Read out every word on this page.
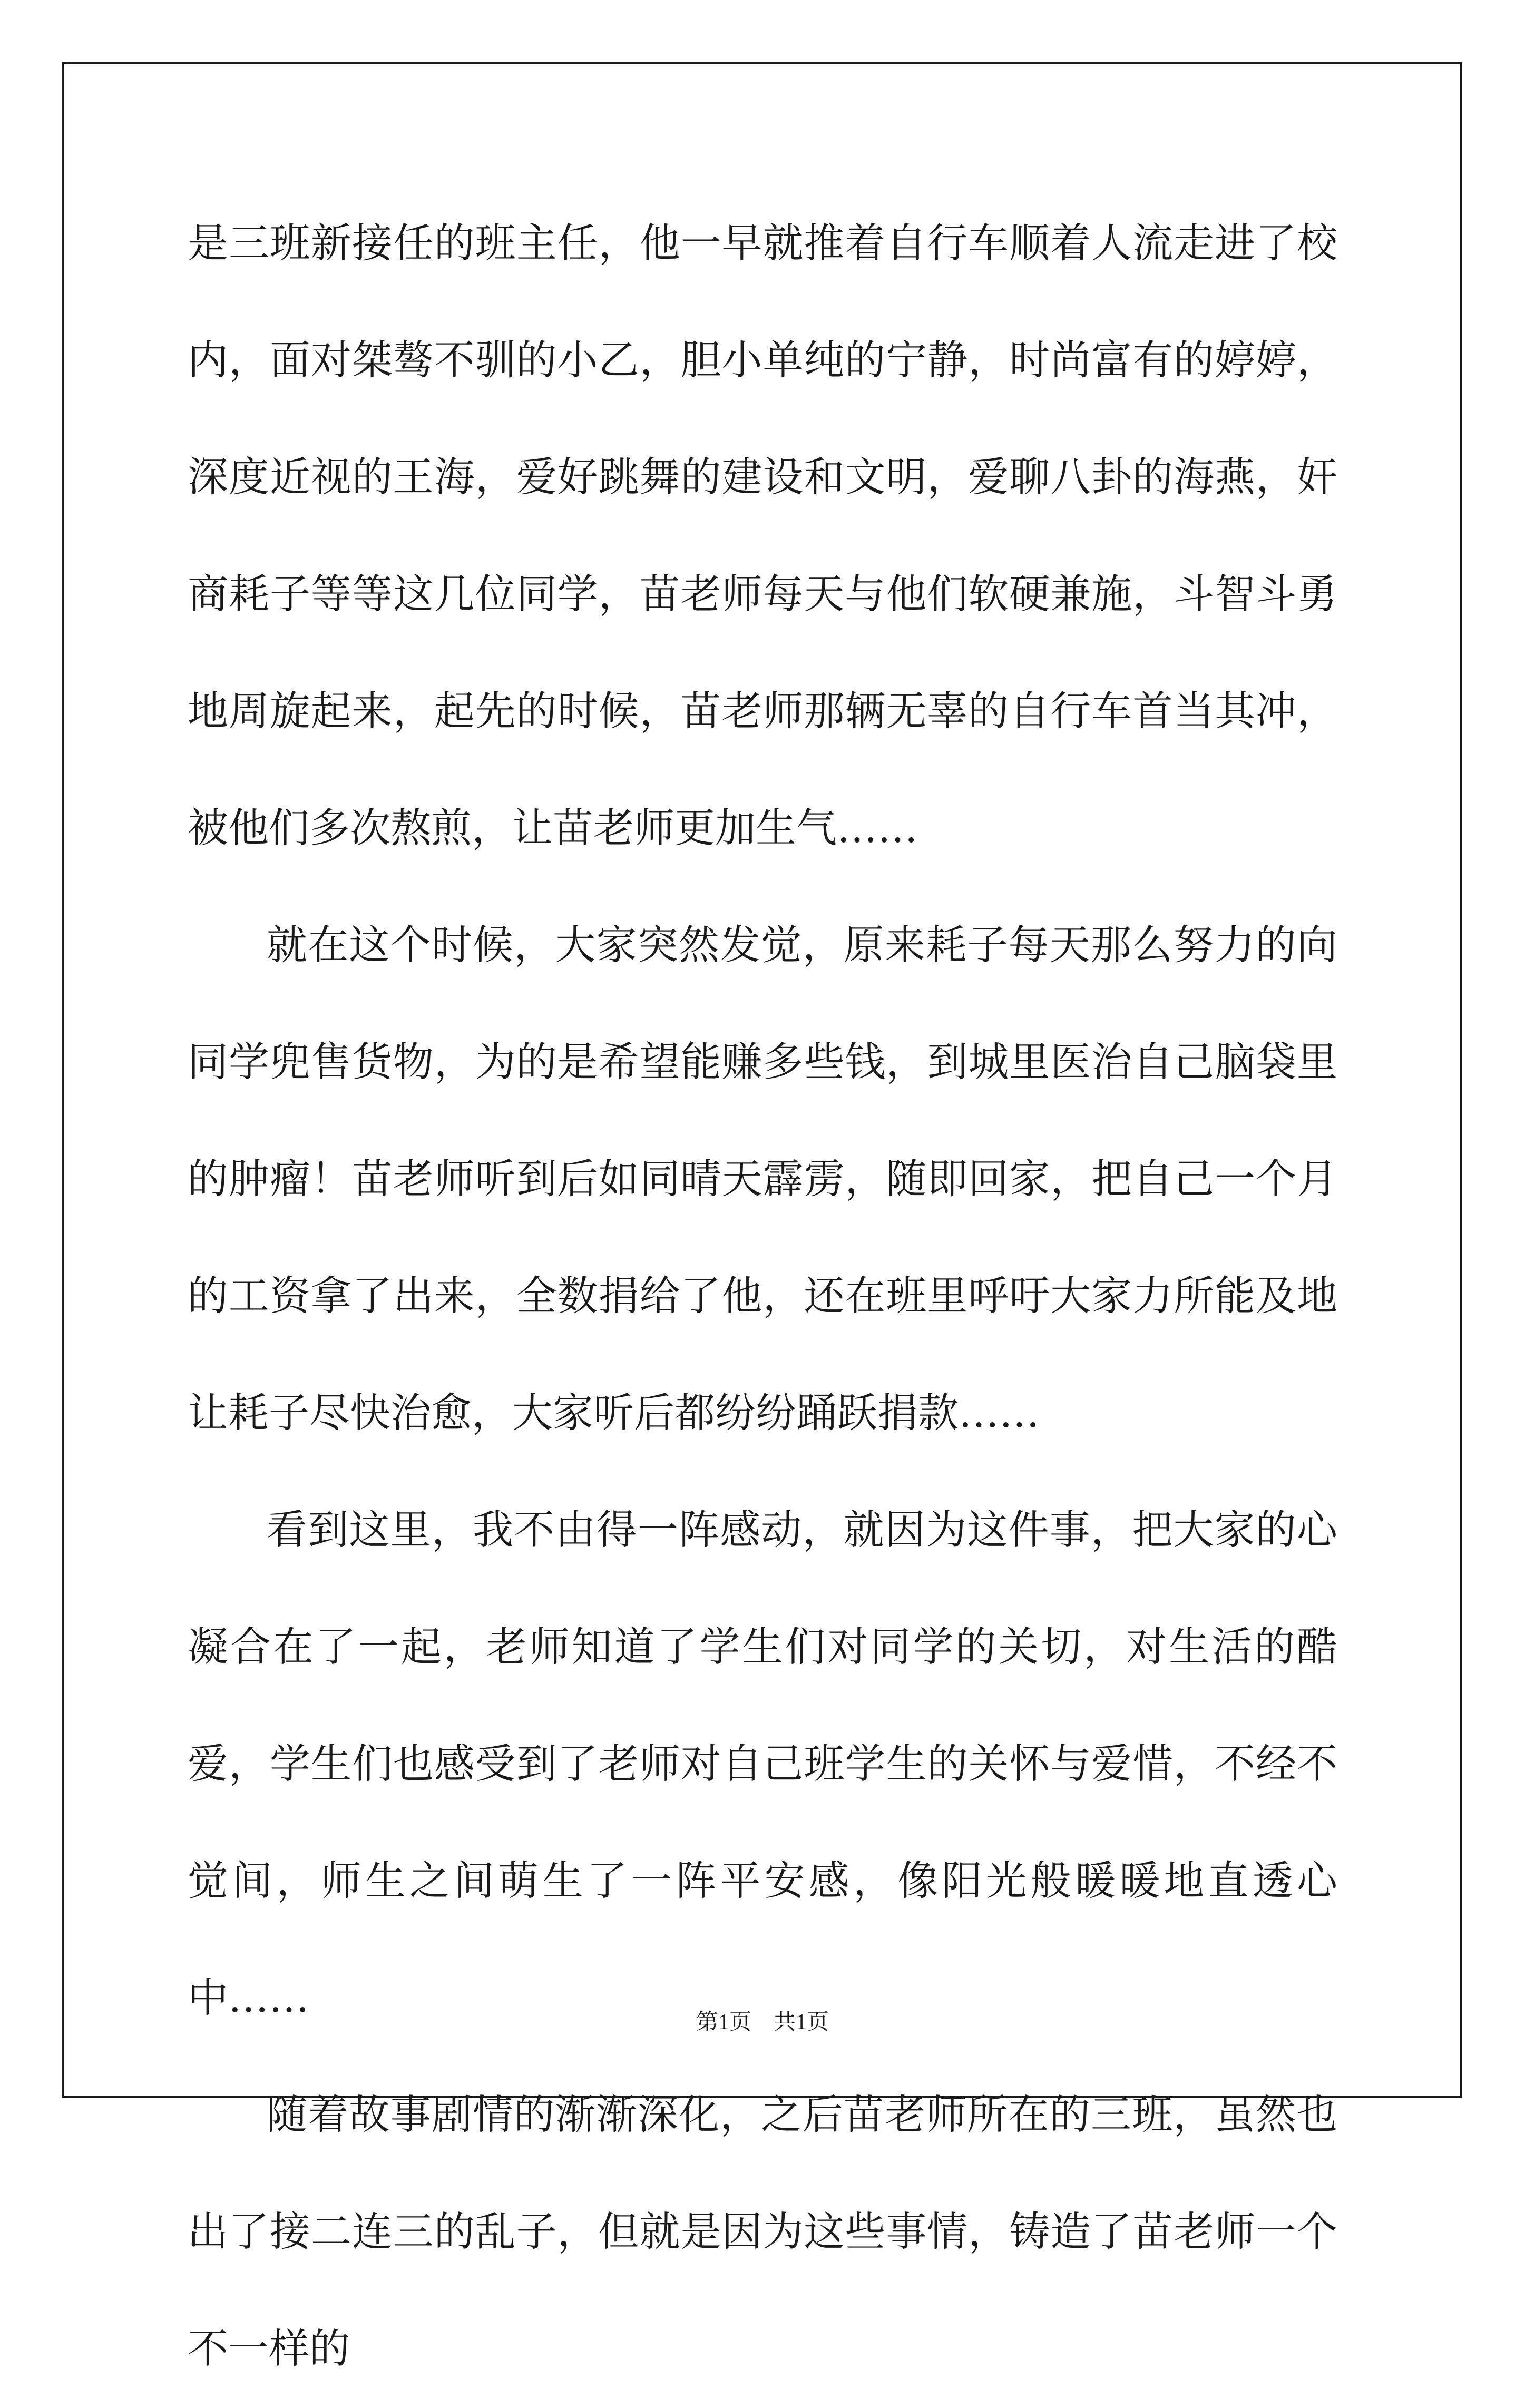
是三班新接任的班主任，他一早就推着自行车顺着人流走进了校内，面对桀骜不驯的小乙，胆小单纯的宁静，时尚富有的婷婷，深度近视的王海，爱好跳舞的建设和文明，爱聊八卦的海燕，奸商耗子等等这几位同学，苗老师每天与他们软硬兼施，斗智斗勇地周旋起来，起先的时候，苗老师那辆无辜的自行车首当其冲，被他们多次熬煎，让苗老师更加生气……

就在这个时候，大家突然发觉，原来耗子每天那么努力的向同学兜售货物，为的是希望能赚多些钱，到城里医治自己脑袋里的肿瘤！苗老师听到后如同晴天霹雳，随即回家，把自己一个月的工资拿了出来，全数捐给了他，还在班里呼吁大家力所能及地让耗子尽快治愈，大家听后都纷纷踊跃捐款……

看到这里，我不由得一阵感动，就因为这件事，把大家的心凝合在了一起，老师知道了学生们对同学的关切，对生活的酷爱，学生们也感受到了老师对自己班学生的关怀与爱惜，不经不觉间，师生之间萌生了一阵平安感，像阳光般暖暖地直透心中……

随着故事剧情的渐渐深化，之后苗老师所在的三班，虽然也出了接二连三的乱子，但就是因为这些事情，铸造了苗老师一个不一样的

第1页　共1页
